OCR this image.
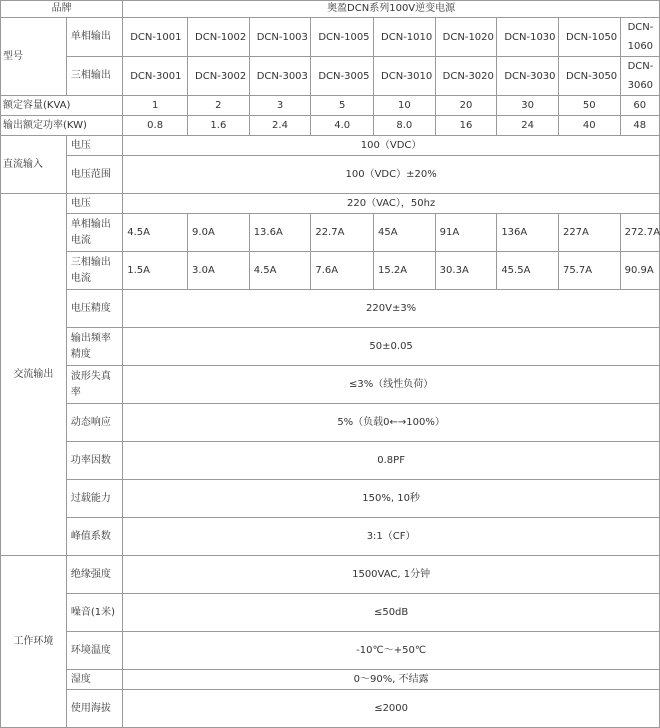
品牌		奥盈DCN系列100V逆变电源								
型号	单相输出	DCN-1001	DCN-1002	DCN-1003	DCN-1005	DCN-1010	DCN-1020	DCN-1030	DCN-1050	DCN-1060
	三相输出	DCN-3001	DCN-3002	DCN-3003	DCN-3005	DCN-3010	DCN-3020	DCN-3030	DCN-3050	DCN-3060
额定容量(KVA)		1	2	3	5	10	20	30	50	60
输出额定功率(KW)		0.8	1.6	2.4	4.0	8.0	16	24	40	48
直流输入	电压	100（VDC）								
	电压范围	100（VDC）±20%								
交流输出	电压	220（VAC），50hz								
	单相输出电流	4.5A	9.0A	13.6A	22.7A	45A	91A	136A	227A	272.7A
	三相输出电流	1.5A	3.0A	4.5A	7.6A	15.2A	30.3A	45.5A	75.7A	90.9A
	电压精度	220V±3%								
	输出频率精度	50±0.05								
	波形失真率	≤3%（线性负荷）								
	动态响应	5%（负载0←→100%）								
	功率因数	0.8PF								
	过载能力	150%, 10秒								
	峰值系数	3:1（CF）								
工作环境	绝缘强度	1500VAC, 1分钟								
	噪音(1米)	≤50dB								
	环境温度	-10℃～+50℃								
	湿度	0～90%, 不结露								
	使用海拔	≤2000								
